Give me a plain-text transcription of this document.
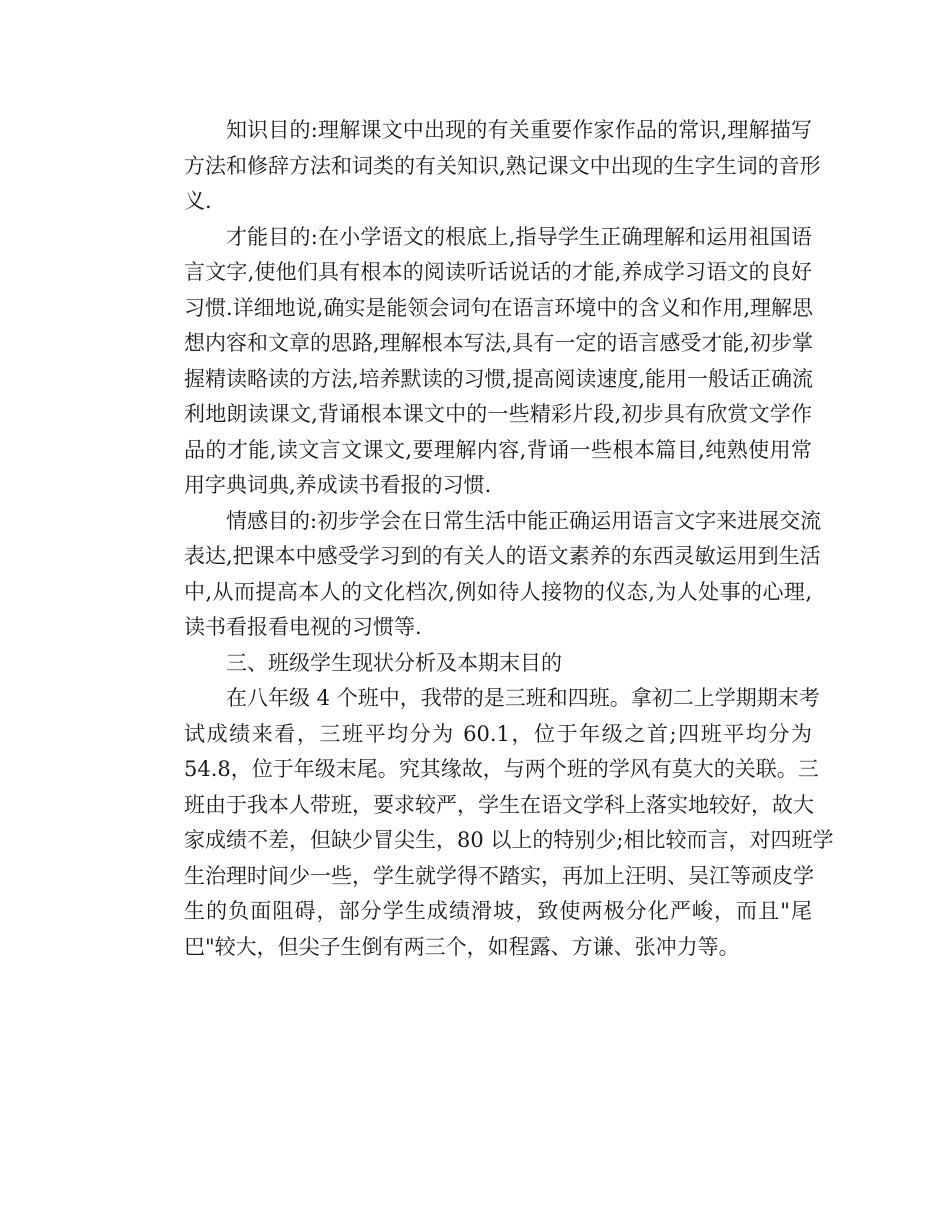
知识目的:理解课文中出现的有关重要作家作品的常识,理解描写
方法和修辞方法和词类的有关知识,熟记课文中出现的生字生词的音形
义.
才能目的:在小学语文的根底上,指导学生正确理解和运用祖国语
言文字,使他们具有根本的阅读听话说话的才能,养成学习语文的良好
习惯.详细地说,确实是能领会词句在语言环境中的含义和作用,理解思
想内容和文章的思路,理解根本写法,具有一定的语言感受才能,初步掌
握精读略读的方法,培养默读的习惯,提高阅读速度,能用一般话正确流
利地朗读课文,背诵根本课文中的一些精彩片段,初步具有欣赏文学作
品的才能,读文言文课文,要理解内容,背诵一些根本篇目,纯熟使用常
用字典词典,养成读书看报的习惯.
情感目的:初步学会在日常生活中能正确运用语言文字来进展交流
表达,把课本中感受学习到的有关人的语文素养的东西灵敏运用到生活
中,从而提高本人的文化档次,例如待人接物的仪态,为人处事的心理,
读书看报看电视的习惯等.
三、班级学生现状分析及本期末目的
在八年级 4 个班中，我带的是三班和四班。拿初二上学期期末考
试成绩来看，三班平均分为 60.1，位于年级之首;四班平均分为
54.8，位于年级末尾。究其缘故，与两个班的学风有莫大的关联。三
班由于我本人带班，要求较严，学生在语文学科上落实地较好，故大
家成绩不差，但缺少冒尖生，80 以上的特别少;相比较而言，对四班学
生治理时间少一些，学生就学得不踏实，再加上汪明、吴江等顽皮学
生的负面阻碍，部分学生成绩滑坡，致使两极分化严峻，而且"尾
巴"较大，但尖子生倒有两三个，如程露、方谦、张冲力等。
